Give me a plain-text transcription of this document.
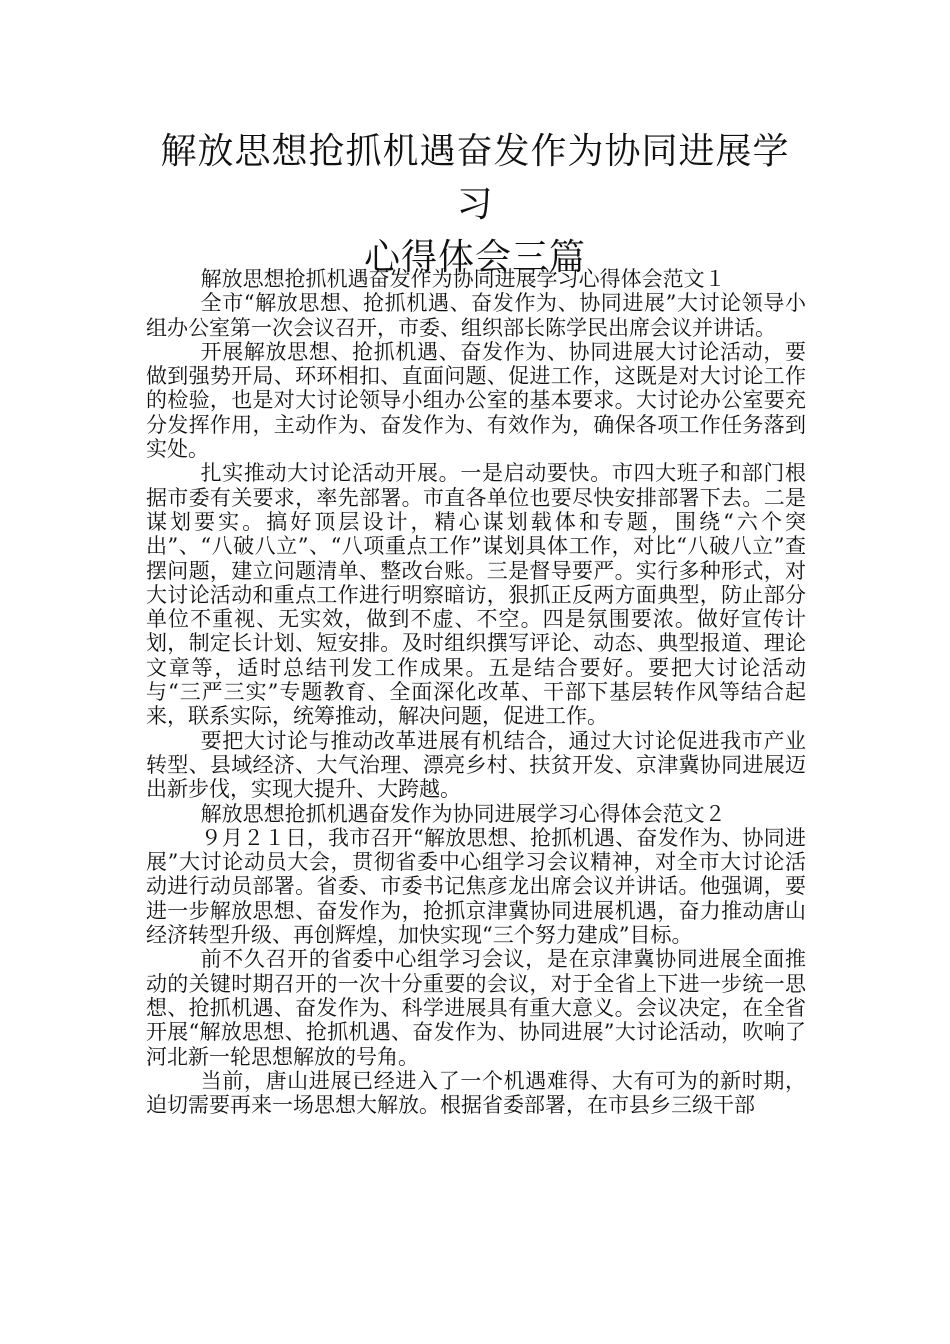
解放思想抢抓机遇奋发作为协同进展学习
心得体会三篇

解放思想抢抓机遇奋发作为协同进展学习心得体会范文１

全市“解放思想、抢抓机遇、奋发作为、协同进展”大讨论领导小组办公室第一次会议召开，市委、组织部长陈学民出席会议并讲话。

开展解放思想、抢抓机遇、奋发作为、协同进展大讨论活动，要做到强势开局、环环相扣、直面问题、促进工作，这既是对大讨论工作的检验，也是对大讨论领导小组办公室的基本要求。大讨论办公室要充分发挥作用，主动作为、奋发作为、有效作为，确保各项工作任务落到实处。

扎实推动大讨论活动开展。一是启动要快。市四大班子和部门根据市委有关要求，率先部署。市直各单位也要尽快安排部署下去。二是谋划要实。搞好顶层设计，精心谋划载体和专题，围绕“六个突出”、“八破八立”、“八项重点工作”谋划具体工作，对比“八破八立”查摆问题，建立问题清单、整改台账。三是督导要严。实行多种形式，对大讨论活动和重点工作进行明察暗访，狠抓正反两方面典型，防止部分单位不重视、无实效，做到不虚、不空。四是氛围要浓。做好宣传计划，制定长计划、短安排。及时组织撰写评论、动态、典型报道、理论文章等，适时总结刊发工作成果。五是结合要好。要把大讨论活动与“三严三实”专题教育、全面深化改革、干部下基层转作风等结合起来，联系实际，统筹推动，解决问题，促进工作。

要把大讨论与推动改革进展有机结合，通过大讨论促进我市产业转型、县域经济、大气治理、漂亮乡村、扶贫开发、京津冀协同进展迈出新步伐，实现大提升、大跨越。

解放思想抢抓机遇奋发作为协同进展学习心得体会范文２

９月２１日，我市召开“解放思想、抢抓机遇、奋发作为、协同进展”大讨论动员大会，贯彻省委中心组学习会议精神，对全市大讨论活动进行动员部署。省委、市委书记焦彦龙出席会议并讲话。他强调，要进一步解放思想、奋发作为，抢抓京津冀协同进展机遇，奋力推动唐山经济转型升级、再创辉煌，加快实现“三个努力建成”目标。

前不久召开的省委中心组学习会议，是在京津冀协同进展全面推动的关键时期召开的一次十分重要的会议，对于全省上下进一步统一思想、抢抓机遇、奋发作为、科学进展具有重大意义。会议决定，在全省开展“解放思想、抢抓机遇、奋发作为、协同进展”大讨论活动，吹响了河北新一轮思想解放的号角。

当前，唐山进展已经进入了一个机遇难得、大有可为的新时期，迫切需要再来一场思想大解放。根据省委部署，在市县乡三级干部
